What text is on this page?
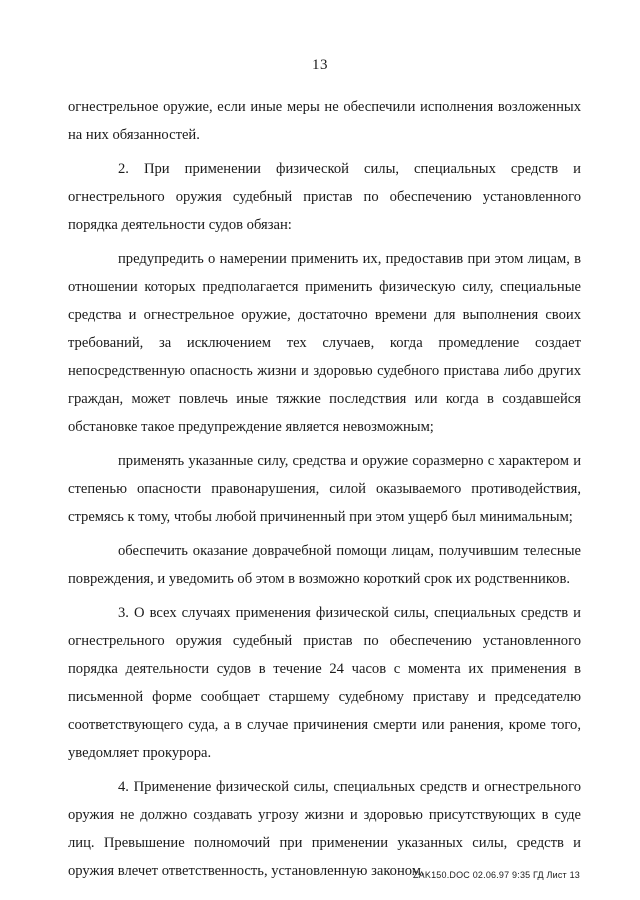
13

огнестрельное оружие, если иные меры не обеспечили исполнения возложенных на них обязанностей.

2. При применении физической силы, специальных средств и огнестрельного оружия судебный пристав по обеспечению установленного порядка деятельности судов обязан:

предупредить о намерении применить их, предоставив при этом лицам, в отношении которых предполагается применить физическую силу, специальные средства и огнестрельное оружие, достаточно времени для выполнения своих требований, за исключением тех случаев, когда промедление создает непосредственную опасность жизни и здоровью судебного пристава либо других граждан, может повлечь иные тяжкие последствия или когда в создавшейся обстановке такое предупреждение является невозможным;

применять указанные силу, средства и оружие соразмерно с характером и степенью опасности правонарушения, силой оказываемого противодействия, стремясь к тому, чтобы любой причиненный при этом ущерб был минимальным;

обеспечить оказание доврачебной помощи лицам, получившим телесные повреждения, и уведомить об этом в возможно короткий срок их родственников.

3. О всех случаях применения физической силы, специальных средств и огнестрельного оружия судебный пристав по обеспечению установленного порядка деятельности судов в течение 24 часов с момента их применения в письменной форме сообщает старшему судебному приставу и председателю соответствующего суда, а в случае причинения смерти или ранения, кроме того, уведомляет прокурора.

4. Применение физической силы, специальных средств и огнестрельного оружия не должно создавать угрозу жизни и здоровью присутствующих в суде лиц. Превышение полномочий при применении указанных силы, средств и оружия влечет ответственность, установленную законом.

ZAK150.DOC 02.06.97 9:35 ГД Лист 13
